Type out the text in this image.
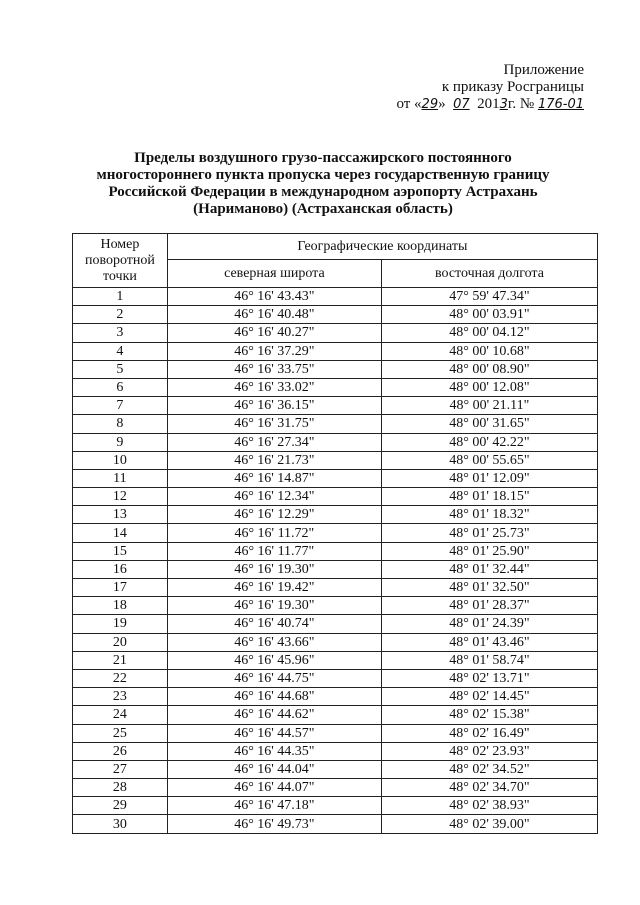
Приложение
к приказу Росграницы
от «29» 07 2013г. № 176-01
Пределы воздушного грузо-пассажирского постоянного
многостороннего пункта пропуска через государственную границу
Российской Федерации в международном аэропорту Астрахань
(Нариманово) (Астраханская область)
Номер
поворотной
точки	Географические координаты	
	северная широта	восточная долгота
1	46° 16' 43.43"	47° 59' 47.34"
2	46° 16' 40.48"	48° 00' 03.91"
3	46° 16' 40.27"	48° 00' 04.12"
4	46° 16' 37.29"	48° 00' 10.68"
5	46° 16' 33.75"	48° 00' 08.90"
6	46° 16' 33.02"	48° 00' 12.08"
7	46° 16' 36.15"	48° 00' 21.11"
8	46° 16' 31.75"	48° 00' 31.65"
9	46° 16' 27.34"	48° 00' 42.22"
10	46° 16' 21.73"	48° 00' 55.65"
11	46° 16' 14.87"	48° 01' 12.09"
12	46° 16' 12.34"	48° 01' 18.15"
13	46° 16' 12.29"	48° 01' 18.32"
14	46° 16' 11.72"	48° 01' 25.73"
15	46° 16' 11.77"	48° 01' 25.90"
16	46° 16' 19.30"	48° 01' 32.44"
17	46° 16' 19.42"	48° 01' 32.50"
18	46° 16' 19.30"	48° 01' 28.37"
19	46° 16' 40.74"	48° 01' 24.39"
20	46° 16' 43.66"	48° 01' 43.46"
21	46° 16' 45.96"	48° 01' 58.74"
22	46° 16' 44.75"	48° 02' 13.71"
23	46° 16' 44.68"	48° 02' 14.45"
24	46° 16' 44.62"	48° 02' 15.38"
25	46° 16' 44.57"	48° 02' 16.49"
26	46° 16' 44.35"	48° 02' 23.93"
27	46° 16' 44.04"	48° 02' 34.52"
28	46° 16' 44.07"	48° 02' 34.70"
29	46° 16' 47.18"	48° 02' 38.93"
30	46° 16' 49.73"	48° 02' 39.00"
